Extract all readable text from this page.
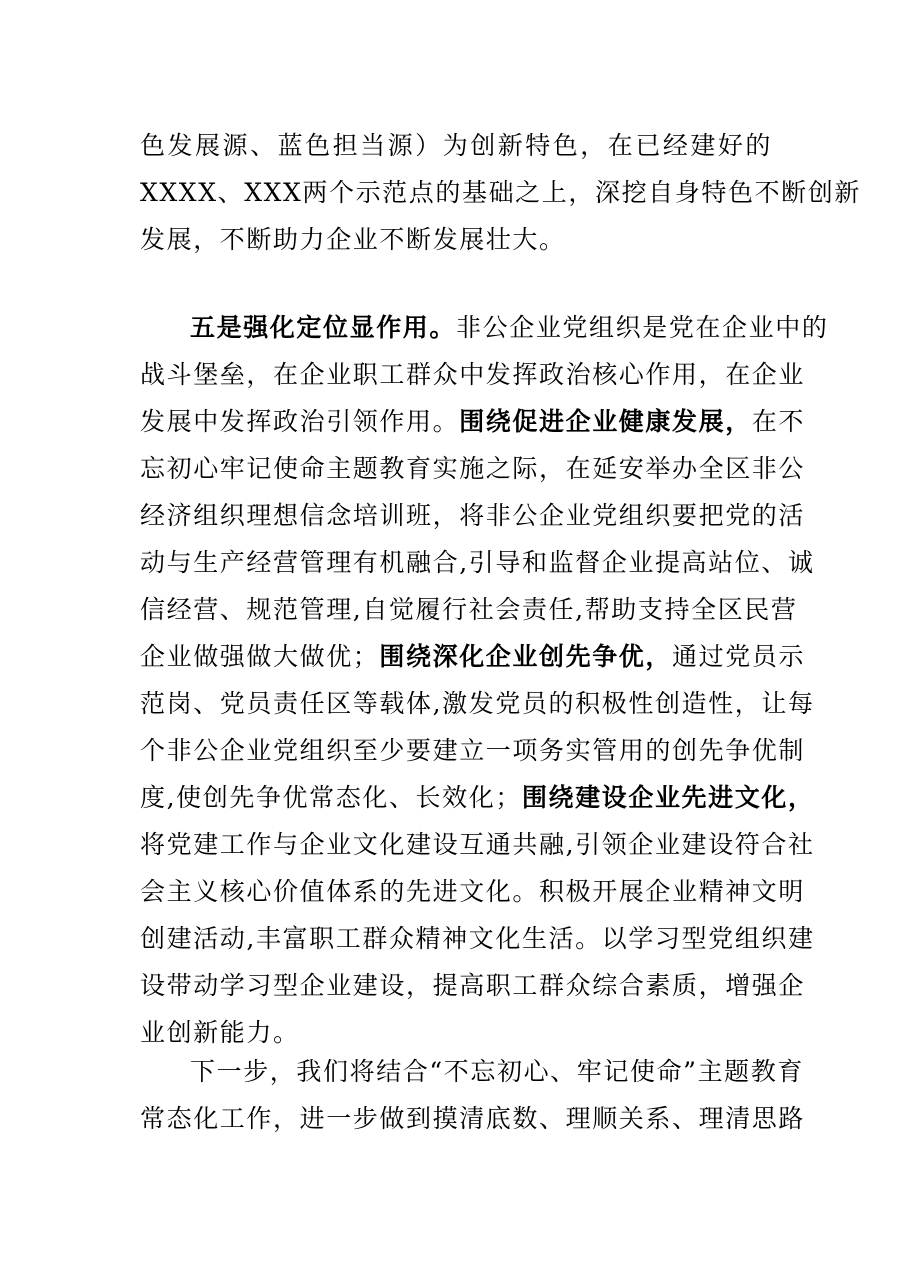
色发展源、蓝色担当源）为创新特色，在已经建好的
XXXX、XXX两个示范点的基础之上，深挖自身特色不断创新
发展，不断助力企业不断发展壮大。
五是强化定位显作用。非公企业党组织是党在企业中的
战斗堡垒，在企业职工群众中发挥政治核心作用，在企业
发展中发挥政治引领作用。围绕促进企业健康发展，在不
忘初心牢记使命主题教育实施之际，在延安举办全区非公
经济组织理想信念培训班，将非公企业党组织要把党的活
动与生产经营管理有机融合,引导和监督企业提高站位、诚
信经营、规范管理,自觉履行社会责任,帮助支持全区民营
企业做强做大做优；围绕深化企业创先争优，通过党员示
范岗、党员责任区等载体,激发党员的积极性创造性，让每
个非公企业党组织至少要建立一项务实管用的创先争优制
度,使创先争优常态化、长效化；围绕建设企业先进文化，
将党建工作与企业文化建设互通共融,引领企业建设符合社
会主义核心价值体系的先进文化。积极开展企业精神文明
创建活动,丰富职工群众精神文化生活。以学习型党组织建
设带动学习型企业建设，提高职工群众综合素质，增强企
业创新能力。
下一步，我们将结合“不忘初心、牢记使命”主题教育
常态化工作，进一步做到摸清底数、理顺关系、理清思路
